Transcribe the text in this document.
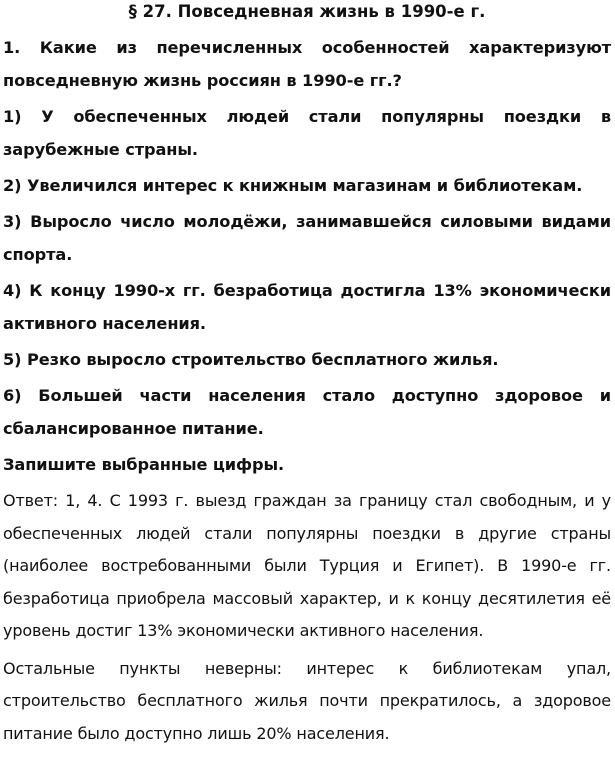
§ 27. Повседневная жизнь в 1990-е г.
1. Какие из перечисленных особенностей характеризуют повседневную жизнь россиян в 1990-е гг.?
1) У обеспеченных людей стали популярны поездки в зарубежные страны.
2) Увеличился интерес к книжным магазинам и библиотекам.
3) Выросло число молодёжи, занимавшейся силовыми видами спорта.
4) К концу 1990-х гг. безработица достигла 13% экономически активного населения.
5) Резко выросло строительство бесплатного жилья.
6) Большей части населения стало доступно здоровое и сбалансированное питание.
Запишите выбранные цифры.
Ответ: 1, 4. С 1993 г. выезд граждан за границу стал свободным, и у обеспеченных людей стали популярны поездки в другие страны (наиболее востребованными были Турция и Египет). В 1990-е гг. безработица приобрела массовый характер, и к концу десятилетия её уровень достиг 13% экономически активного населения.
Остальные пункты неверны: интерес к библиотекам упал, строительство бесплатного жилья почти прекратилось, а здоровое питание было доступно лишь 20% населения.
